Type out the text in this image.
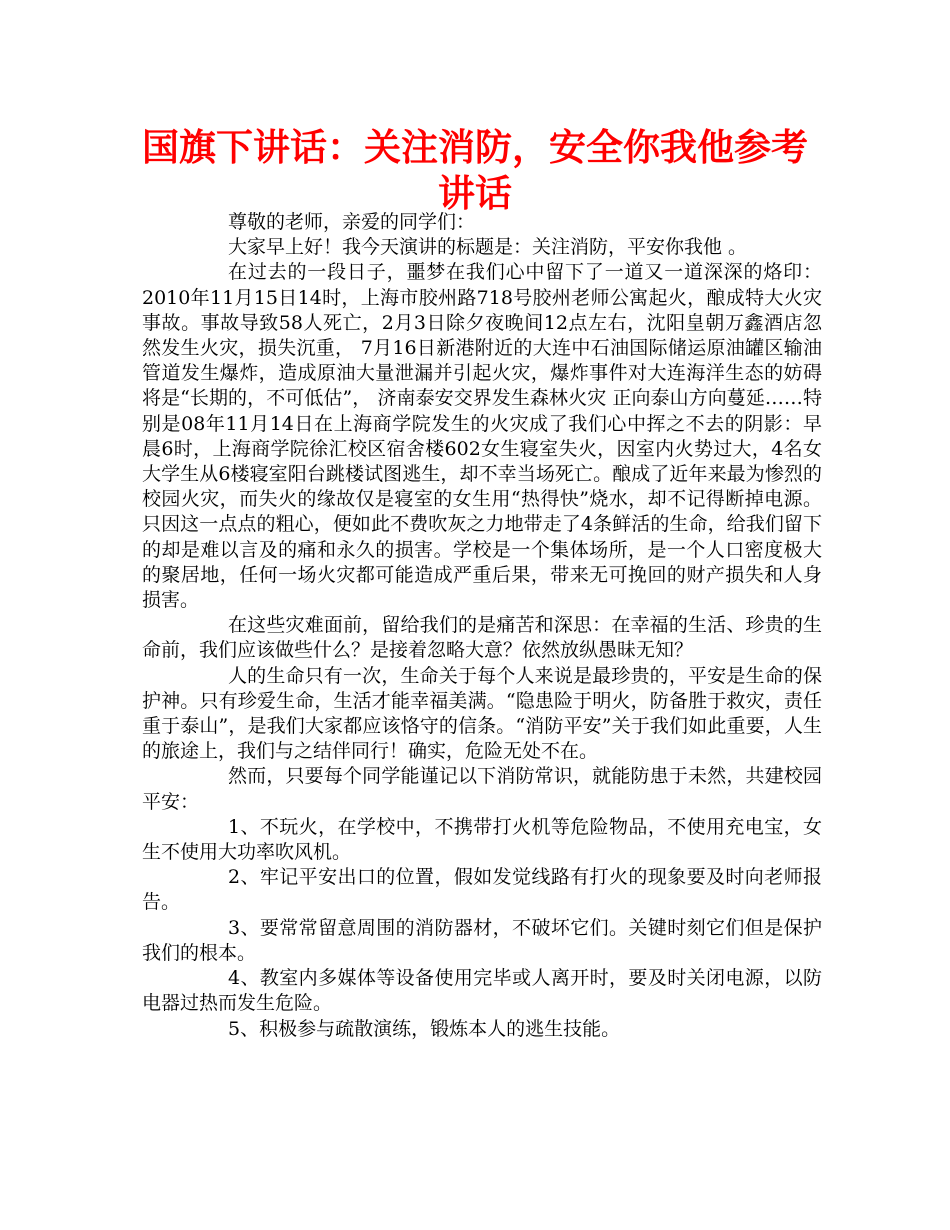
国旗下讲话：关注消防，安全你我他参考讲话

尊敬的老师，亲爱的同学们：

大家早上好！我今天演讲的标题是：关注消防，平安你我他 。

在过去的一段日子，噩梦在我们心中留下了一道又一道深深的烙印：2010年11月15日14时，上海市胶州路718号胶州老师公寓起火，酿成特大火灾事故。事故导致58人死亡，2月3日除夕夜晚间12点左右，沈阳皇朝万鑫酒店忽然发生火灾，损失沉重， 7月16日新港附近的大连中石油国际储运原油罐区输油管道发生爆炸，造成原油大量泄漏并引起火灾，爆炸事件对大连海洋生态的妨碍将是“长期的，不可低估”， 济南泰安交界发生森林火灾 正向泰山方向蔓延……特别是08年11月14日在上海商学院发生的火灾成了我们心中挥之不去的阴影：早晨6时，上海商学院徐汇校区宿舍楼602女生寝室失火，因室内火势过大，4名女大学生从6楼寝室阳台跳楼试图逃生，却不幸当场死亡。酿成了近年来最为惨烈的校园火灾，而失火的缘故仅是寝室的女生用“热得快”烧水，却不记得断掉电源。只因这一点点的粗心，便如此不费吹灰之力地带走了4条鲜活的生命，给我们留下的却是难以言及的痛和永久的损害。学校是一个集体场所，是一个人口密度极大的聚居地，任何一场火灾都可能造成严重后果，带来无可挽回的财产损失和人身损害。

在这些灾难面前，留给我们的是痛苦和深思：在幸福的生活、珍贵的生命前，我们应该做些什么？是接着忽略大意？依然放纵愚昧无知？

人的生命只有一次，生命关于每个人来说是最珍贵的，平安是生命的保护神。只有珍爱生命，生活才能幸福美满。“隐患险于明火，防备胜于救灾，责任重于泰山”，是我们大家都应该恪守的信条。“消防平安”关于我们如此重要，人生的旅途上，我们与之结伴同行！确实，危险无处不在。

然而，只要每个同学能谨记以下消防常识，就能防患于未然，共建校园平安：

1、不玩火，在学校中，不携带打火机等危险物品，不使用充电宝，女生不使用大功率吹风机。

2、牢记平安出口的位置，假如发觉线路有打火的现象要及时向老师报告。

3、要常常留意周围的消防器材，不破坏它们。关键时刻它们但是保护我们的根本。

4、教室内多媒体等设备使用完毕或人离开时，要及时关闭电源，以防电器过热而发生危险。

5、积极参与疏散演练，锻炼本人的逃生技能。
